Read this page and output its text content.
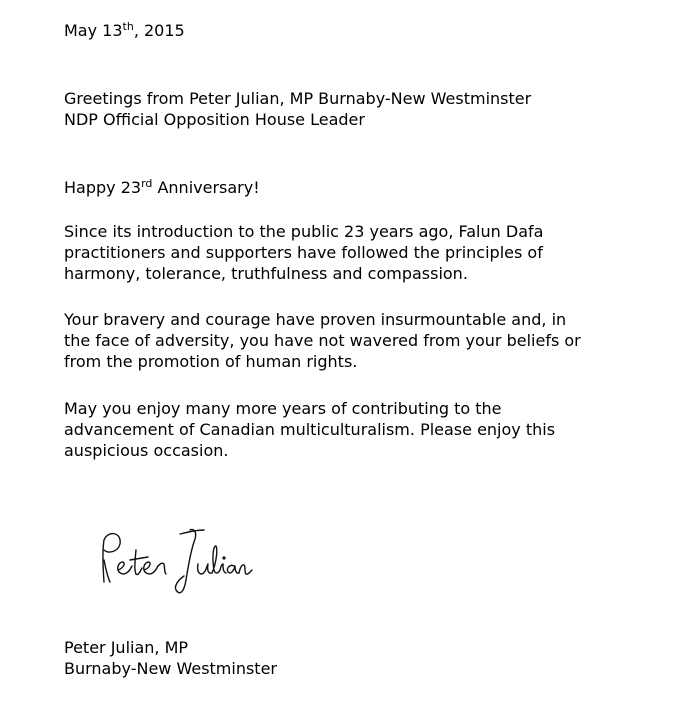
May 13th, 2015

Greetings from Peter Julian, MP Burnaby-New Westminster

NDP Official Opposition House Leader

Happy 23rd Anniversary!

Since its introduction to the public 23 years ago, Falun Dafa

practitioners and supporters have followed the principles of

harmony, tolerance, truthfulness and compassion.

Your bravery and courage have proven insurmountable and, in

the face of adversity, you have not wavered from your beliefs or

from the promotion of human rights.

May you enjoy many more years of contributing to the

advancement of Canadian multiculturalism. Please enjoy this

auspicious occasion.

Peter Julian, MP

Burnaby-New Westminster
